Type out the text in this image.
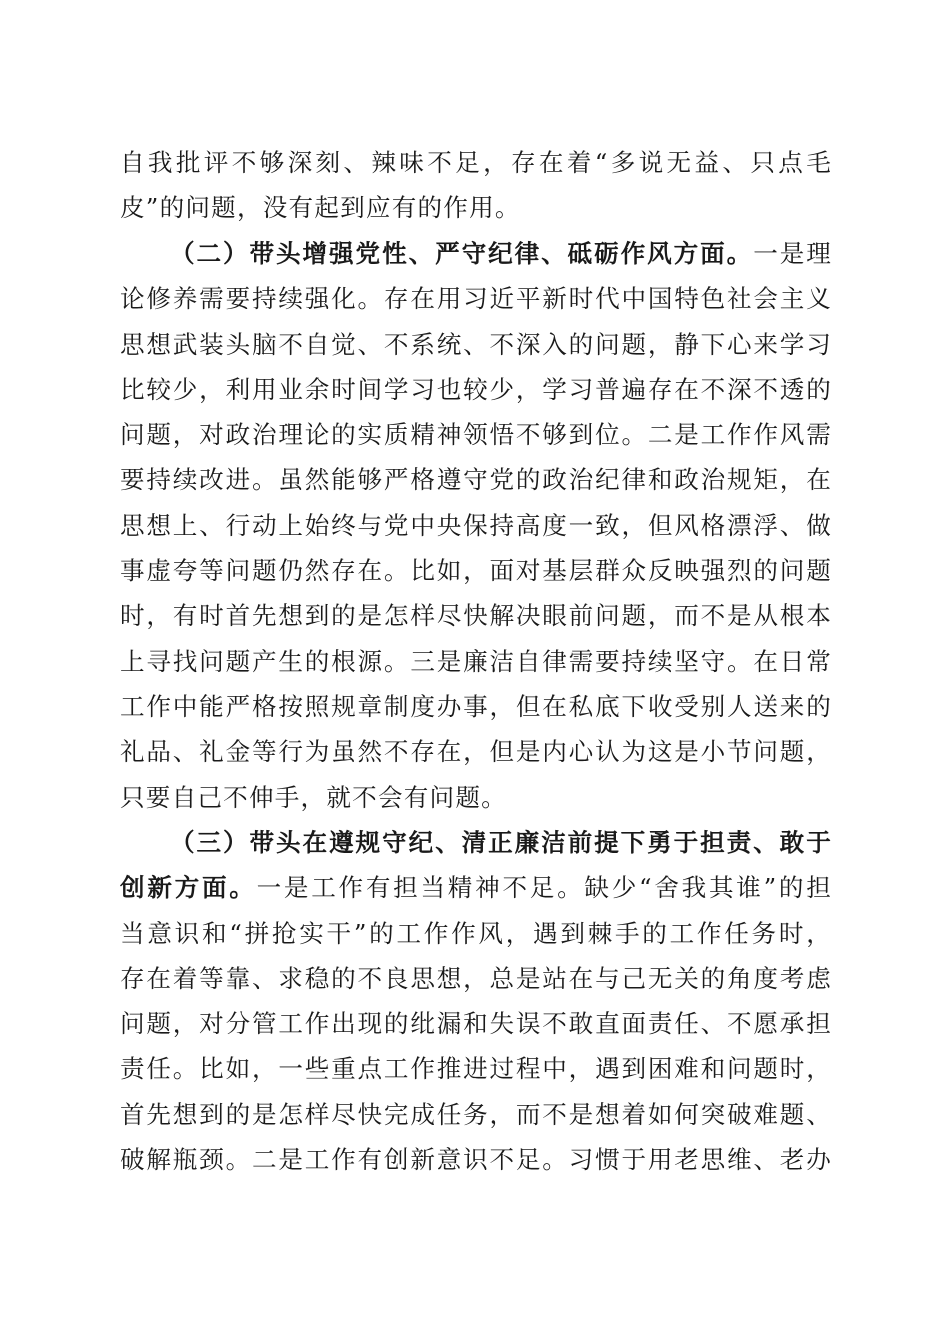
自我批评不够深刻、辣味不足，存在着“多说无益、只点毛
皮”的问题，没有起到应有的作用。
（二）带头增强党性、严守纪律、砥砺作风方面。一是理
论修养需要持续强化。存在用习近平新时代中国特色社会主义
思想武装头脑不自觉、不系统、不深入的问题，静下心来学习
比较少，利用业余时间学习也较少，学习普遍存在不深不透的
问题，对政治理论的实质精神领悟不够到位。二是工作作风需
要持续改进。虽然能够严格遵守党的政治纪律和政治规矩，在
思想上、行动上始终与党中央保持高度一致，但风格漂浮、做
事虚夸等问题仍然存在。比如，面对基层群众反映强烈的问题
时，有时首先想到的是怎样尽快解决眼前问题，而不是从根本
上寻找问题产生的根源。三是廉洁自律需要持续坚守。在日常
工作中能严格按照规章制度办事，但在私底下收受别人送来的
礼品、礼金等行为虽然不存在，但是内心认为这是小节问题，
只要自己不伸手，就不会有问题。
（三）带头在遵规守纪、清正廉洁前提下勇于担责、敢于
创新方面。一是工作有担当精神不足。缺少“舍我其谁”的担
当意识和“拼抢实干”的工作作风，遇到棘手的工作任务时，
存在着等靠、求稳的不良思想，总是站在与己无关的角度考虑
问题，对分管工作出现的纰漏和失误不敢直面责任、不愿承担
责任。比如，一些重点工作推进过程中，遇到困难和问题时，
首先想到的是怎样尽快完成任务，而不是想着如何突破难题、
破解瓶颈。二是工作有创新意识不足。习惯于用老思维、老办
